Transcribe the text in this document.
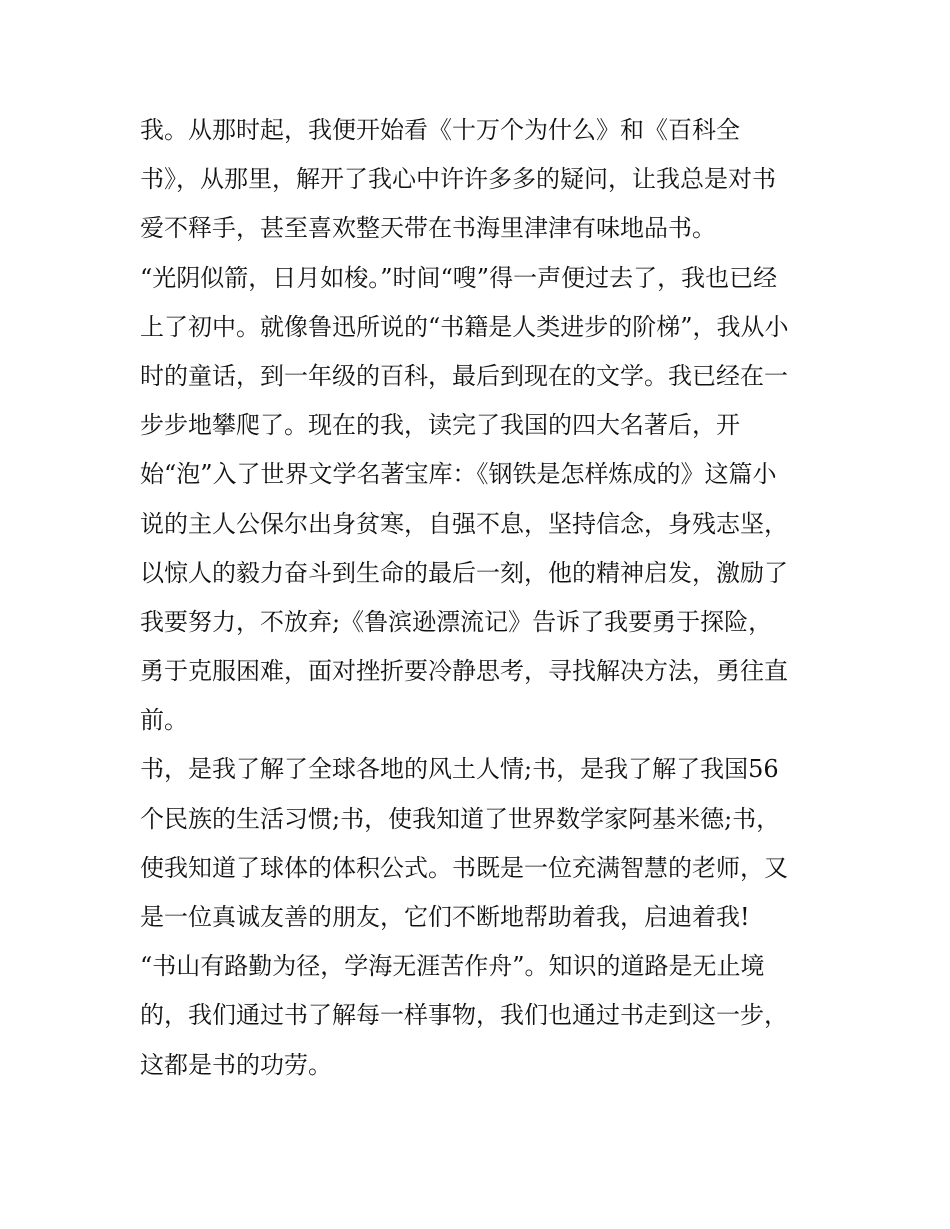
我。从那时起，我便开始看《十万个为什么》和《百科全
书》，从那里，解开了我心中许许多多的疑问，让我总是对书
爱不释手，甚至喜欢整天带在书海里津津有味地品书。
“光阴似箭，日月如梭。”时间“嗖”得一声便过去了，我也已经
上了初中。就像鲁迅所说的“书籍是人类进步的阶梯”，我从小
时的童话，到一年级的百科，最后到现在的文学。我已经在一
步步地攀爬了。现在的我，读完了我国的四大名著后，开
始“泡”入了世界文学名著宝库：《钢铁是怎样炼成的》这篇小
说的主人公保尔出身贫寒，自强不息，坚持信念，身残志坚，
以惊人的毅力奋斗到生命的最后一刻，他的精神启发，激励了
我要努力，不放弃;《鲁滨逊漂流记》告诉了我要勇于探险，
勇于克服困难，面对挫折要冷静思考，寻找解决方法，勇往直
前。
书，是我了解了全球各地的风土人情;书，是我了解了我国56
个民族的生活习惯;书，使我知道了世界数学家阿基米德;书，
使我知道了球体的体积公式。书既是一位充满智慧的老师，又
是一位真诚友善的朋友，它们不断地帮助着我，启迪着我!
“书山有路勤为径，学海无涯苦作舟”。知识的道路是无止境
的，我们通过书了解每一样事物，我们也通过书走到这一步，
这都是书的功劳。
